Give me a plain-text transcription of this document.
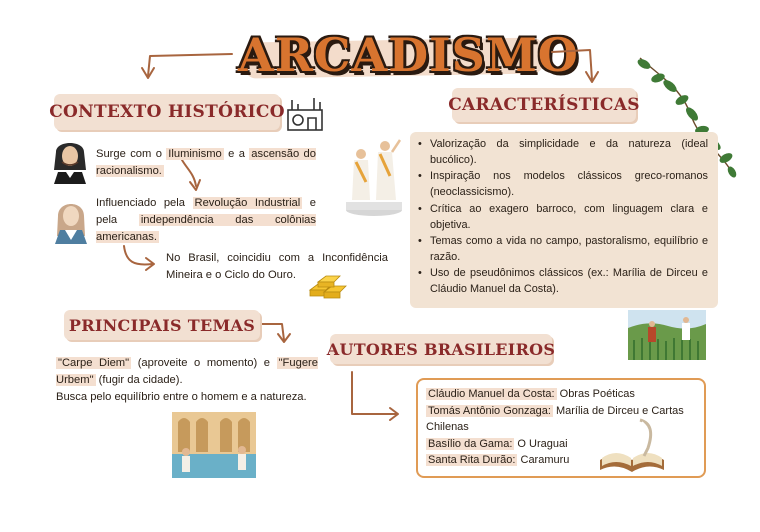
ARCADISMO
CONTEXTO HISTÓRICO
Surge com o Iluminismo e a ascensão do racionalismo.
Influenciado pela Revolução Industrial e pela independência das colônias americanas.
No Brasil, coincidiu com a Inconfidência Mineira e o Ciclo do Ouro.
CARACTERÍSTICAS
• Valorização da simplicidade e da natureza (ideal bucólico).
• Inspiração nos modelos clássicos greco-romanos (neoclassicismo).
• Crítica ao exagero barroco, com linguagem clara e objetiva.
• Temas como a vida no campo, pastoralismo, equilíbrio e razão.
• Uso de pseudônimos clássicos (ex.: Marília de Dirceu e Cláudio Manuel da Costa).
PRINCIPAIS TEMAS
"Carpe Diem" (aproveite o momento) e "Fugere Urbem" (fugir da cidade).
Busca pelo equilíbrio entre o homem e a natureza.
AUTORES BRASILEIROS

Cláudio Manuel da Costa: Obras Poéticas

Tomás Antônio Gonzaga: Marília de Dirceu e Cartas Chilenas

Basílio da Gama: O Uraguai

Santa Rita Durão: Caramuru
